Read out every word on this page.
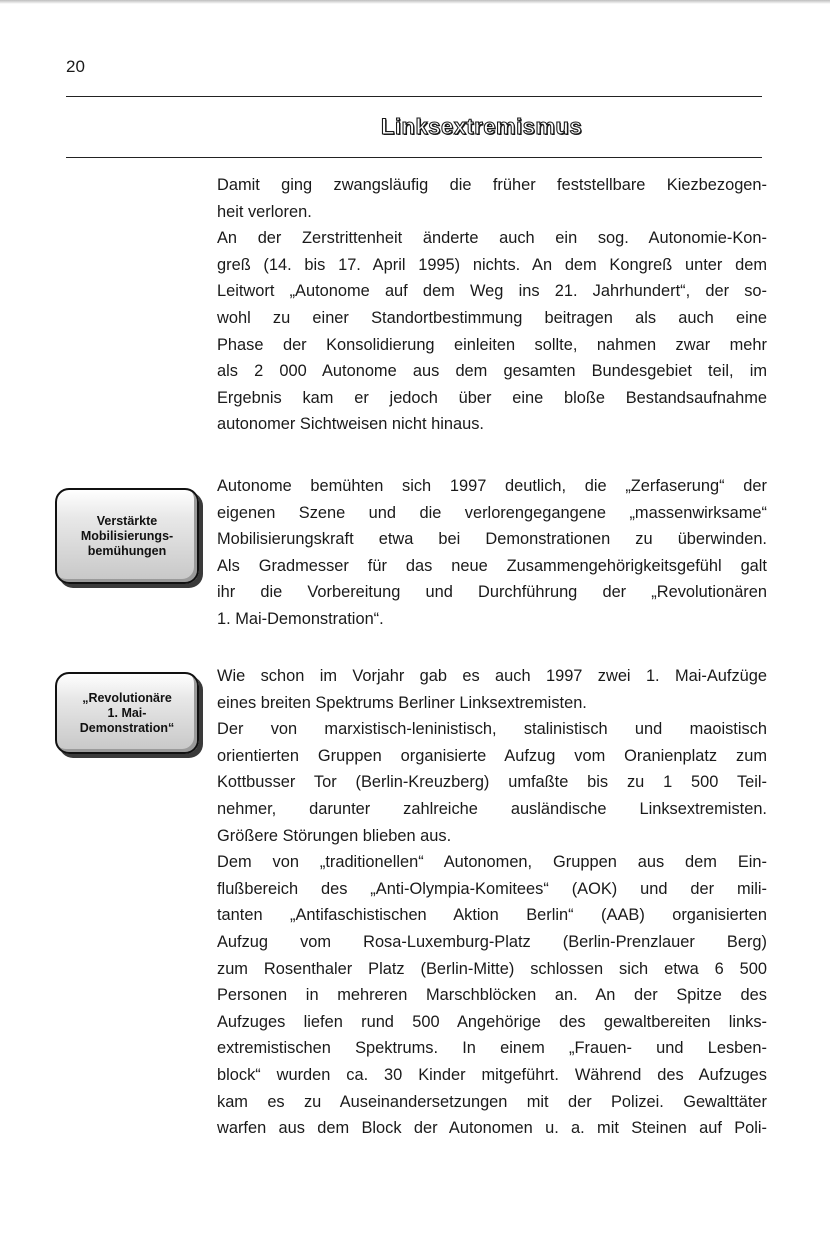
20
Linksextremismus
Verstärkte
Mobilisierungs-
bemühungen
„Revolutionäre
1. Mai-
Demonstration“
Damit ging zwangsläufig die früher feststellbare Kiezbezogen-
heit verloren.
An der Zerstrittenheit änderte auch ein sog. Autonomie-Kon-
greß (14. bis 17. April 1995) nichts. An dem Kongreß unter dem
Leitwort „Autonome auf dem Weg ins 21. Jahrhundert“, der so-
wohl zu einer Standortbestimmung beitragen als auch eine
Phase der Konsolidierung einleiten sollte, nahmen zwar mehr
als 2 000 Autonome aus dem gesamten Bundesgebiet teil, im
Ergebnis kam er jedoch über eine bloße Bestandsaufnahme
autonomer Sichtweisen nicht hinaus.
Autonome bemühten sich 1997 deutlich, die „Zerfaserung“ der
eigenen Szene und die verlorengegangene „massenwirksame“
Mobilisierungskraft etwa bei Demonstrationen zu überwinden.
Als Gradmesser für das neue Zusammengehörigkeitsgefühl galt
ihr die Vorbereitung und Durchführung der „Revolutionären
1. Mai-Demonstration“.
Wie schon im Vorjahr gab es auch 1997 zwei 1. Mai-Aufzüge
eines breiten Spektrums Berliner Linksextremisten.
Der von marxistisch-leninistisch, stalinistisch und maoistisch
orientierten Gruppen organisierte Aufzug vom Oranienplatz zum
Kottbusser Tor (Berlin-Kreuzberg) umfaßte bis zu 1 500 Teil-
nehmer, darunter zahlreiche ausländische Linksextremisten.
Größere Störungen blieben aus.
Dem von „traditionellen“ Autonomen, Gruppen aus dem Ein-
flußbereich des „Anti-Olympia-Komitees“ (AOK) und der mili-
tanten „Antifaschistischen Aktion Berlin“ (AAB) organisierten
Aufzug vom Rosa-Luxemburg-Platz (Berlin-Prenzlauer Berg)
zum Rosenthaler Platz (Berlin-Mitte) schlossen sich etwa 6 500
Personen in mehreren Marschblöcken an. An der Spitze des
Aufzuges liefen rund 500 Angehörige des gewaltbereiten links-
extremistischen Spektrums. In einem „Frauen- und Lesben-
block“ wurden ca. 30 Kinder mitgeführt. Während des Aufzuges
kam es zu Auseinandersetzungen mit der Polizei. Gewalttäter
warfen aus dem Block der Autonomen u. a. mit Steinen auf Poli-
